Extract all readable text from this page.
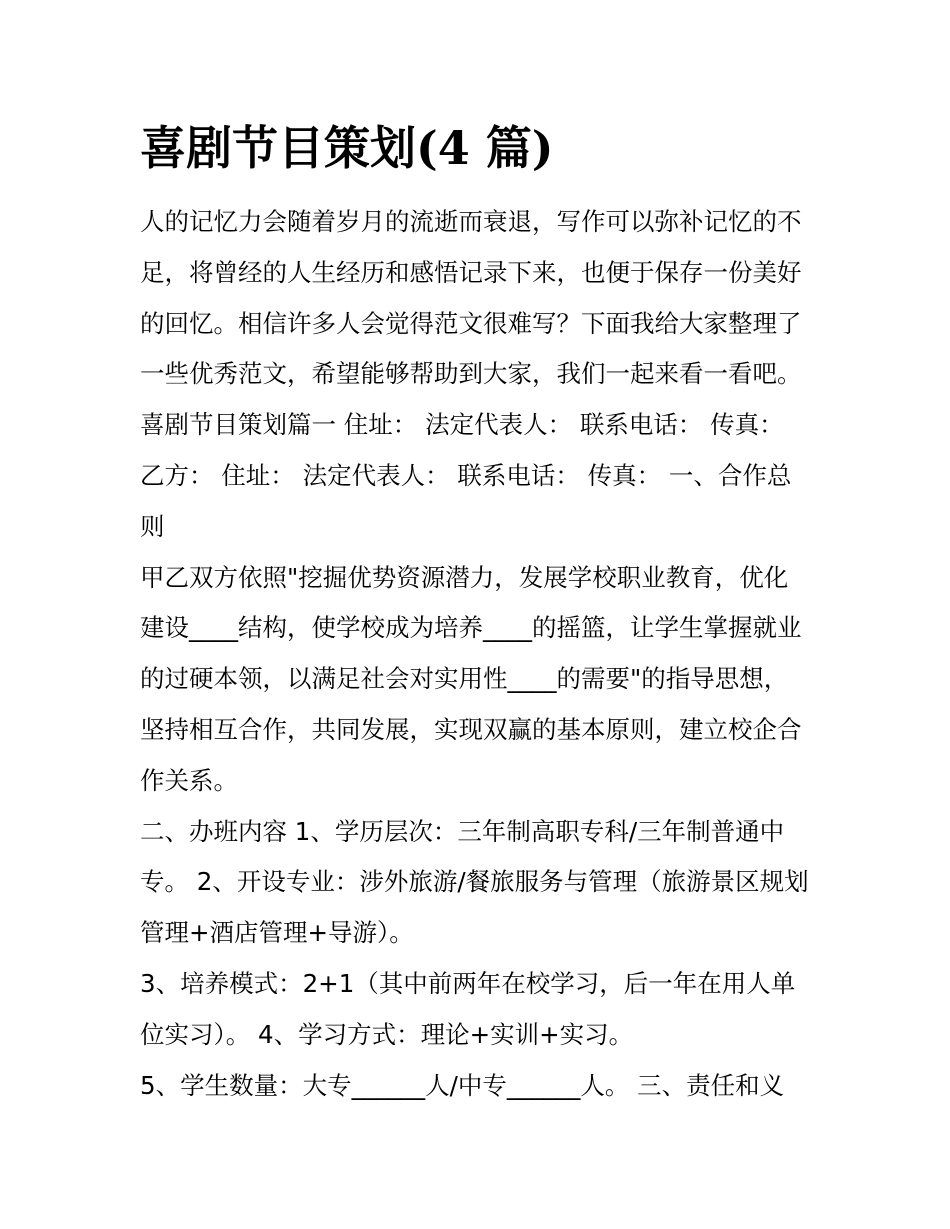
喜剧节目策划(4 篇)

人的记忆力会随着岁月的流逝而衰退，写作可以弥补记忆的不足，将曾经的人生经历和感悟记录下来，也便于保存一份美好的回忆。相信许多人会觉得范文很难写？下面我给大家整理了一些优秀范文，希望能够帮助到大家，我们一起来看一看吧。

喜剧节目策划篇一 住址： 法定代表人： 联系电话： 传真： 乙方： 住址： 法定代表人： 联系电话： 传真： 一、合作总则

甲乙双方依照"挖掘优势资源潜力，发展学校职业教育，优化建设____结构，使学校成为培养____的摇篮，让学生掌握就业的过硬本领，以满足社会对实用性____的需要"的指导思想，坚持相互合作，共同发展，实现双赢的基本原则，建立校企合作关系。

二、办班内容 1、学历层次：三年制高职专科/三年制普通中专。 2、开设专业：涉外旅游/餐旅服务与管理（旅游景区规划管理+酒店管理+导游）。

3、培养模式：2+1（其中前两年在校学习，后一年在用人单位实习）。 4、学习方式：理论+实训+实习。

5、学生数量：大专______人/中专______人。 三、责任和义
